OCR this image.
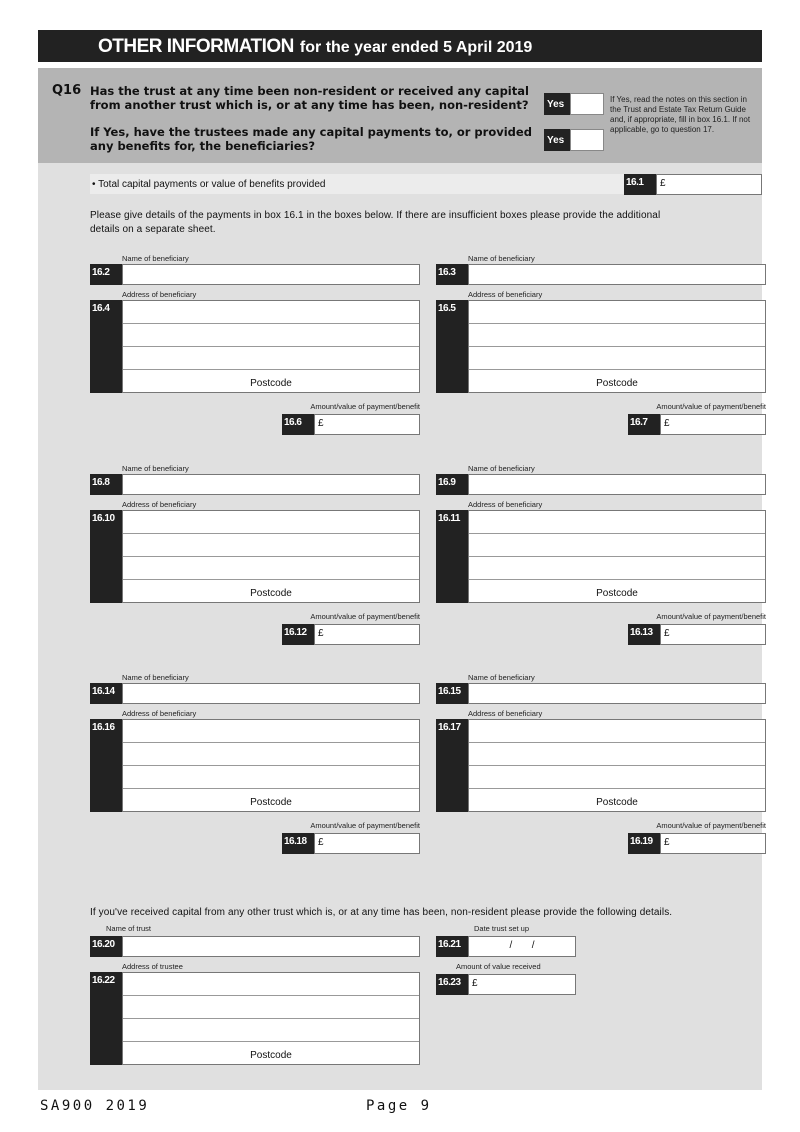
OTHER INFORMATION for the year ended 5 April 2019
Q16 Has the trust at any time been non-resident or received any capital
from another trust which is, or at any time has been, non-resident?
If Yes, have the trustees made any capital payments to, or provided
any benefits for, the beneficiaries?
Yes
Yes
If Yes, read the notes on this section in the Trust and Estate Tax Return Guide and, if appropriate, fill in box 16.1. If not applicable, go to question 17.
• Total capital payments or value of benefits provided	16.1	£
Please give details of the payments in box 16.1 in the boxes below. If there are insufficient boxes please provide the additional
details on a separate sheet.
Name of beneficiary
16.2
Address of beneficiary
16.4
Postcode
Amount/value of payment/benefit
16.6	£
Name of beneficiary
16.3
Address of beneficiary
16.5
Postcode
Amount/value of payment/benefit
16.7	£
Name of beneficiary
16.8
Address of beneficiary
16.10
Postcode
Amount/value of payment/benefit
16.12	£
Name of beneficiary
16.9
Address of beneficiary
16.11
Postcode
Amount/value of payment/benefit
16.13	£
Name of beneficiary
16.14
Address of beneficiary
16.16
Postcode
Amount/value of payment/benefit
16.18	£
Name of beneficiary
16.15
Address of beneficiary
16.17
Postcode
Amount/value of payment/benefit
16.19	£
If you've received capital from any other trust which is, or at any time has been, non-resident please provide the following details.
Name of trust
16.20
Date trust set up
16.21	/       /
Amount of value received
16.23	£
Address of trustee
16.22
Postcode
SA900 2019	Page 9
